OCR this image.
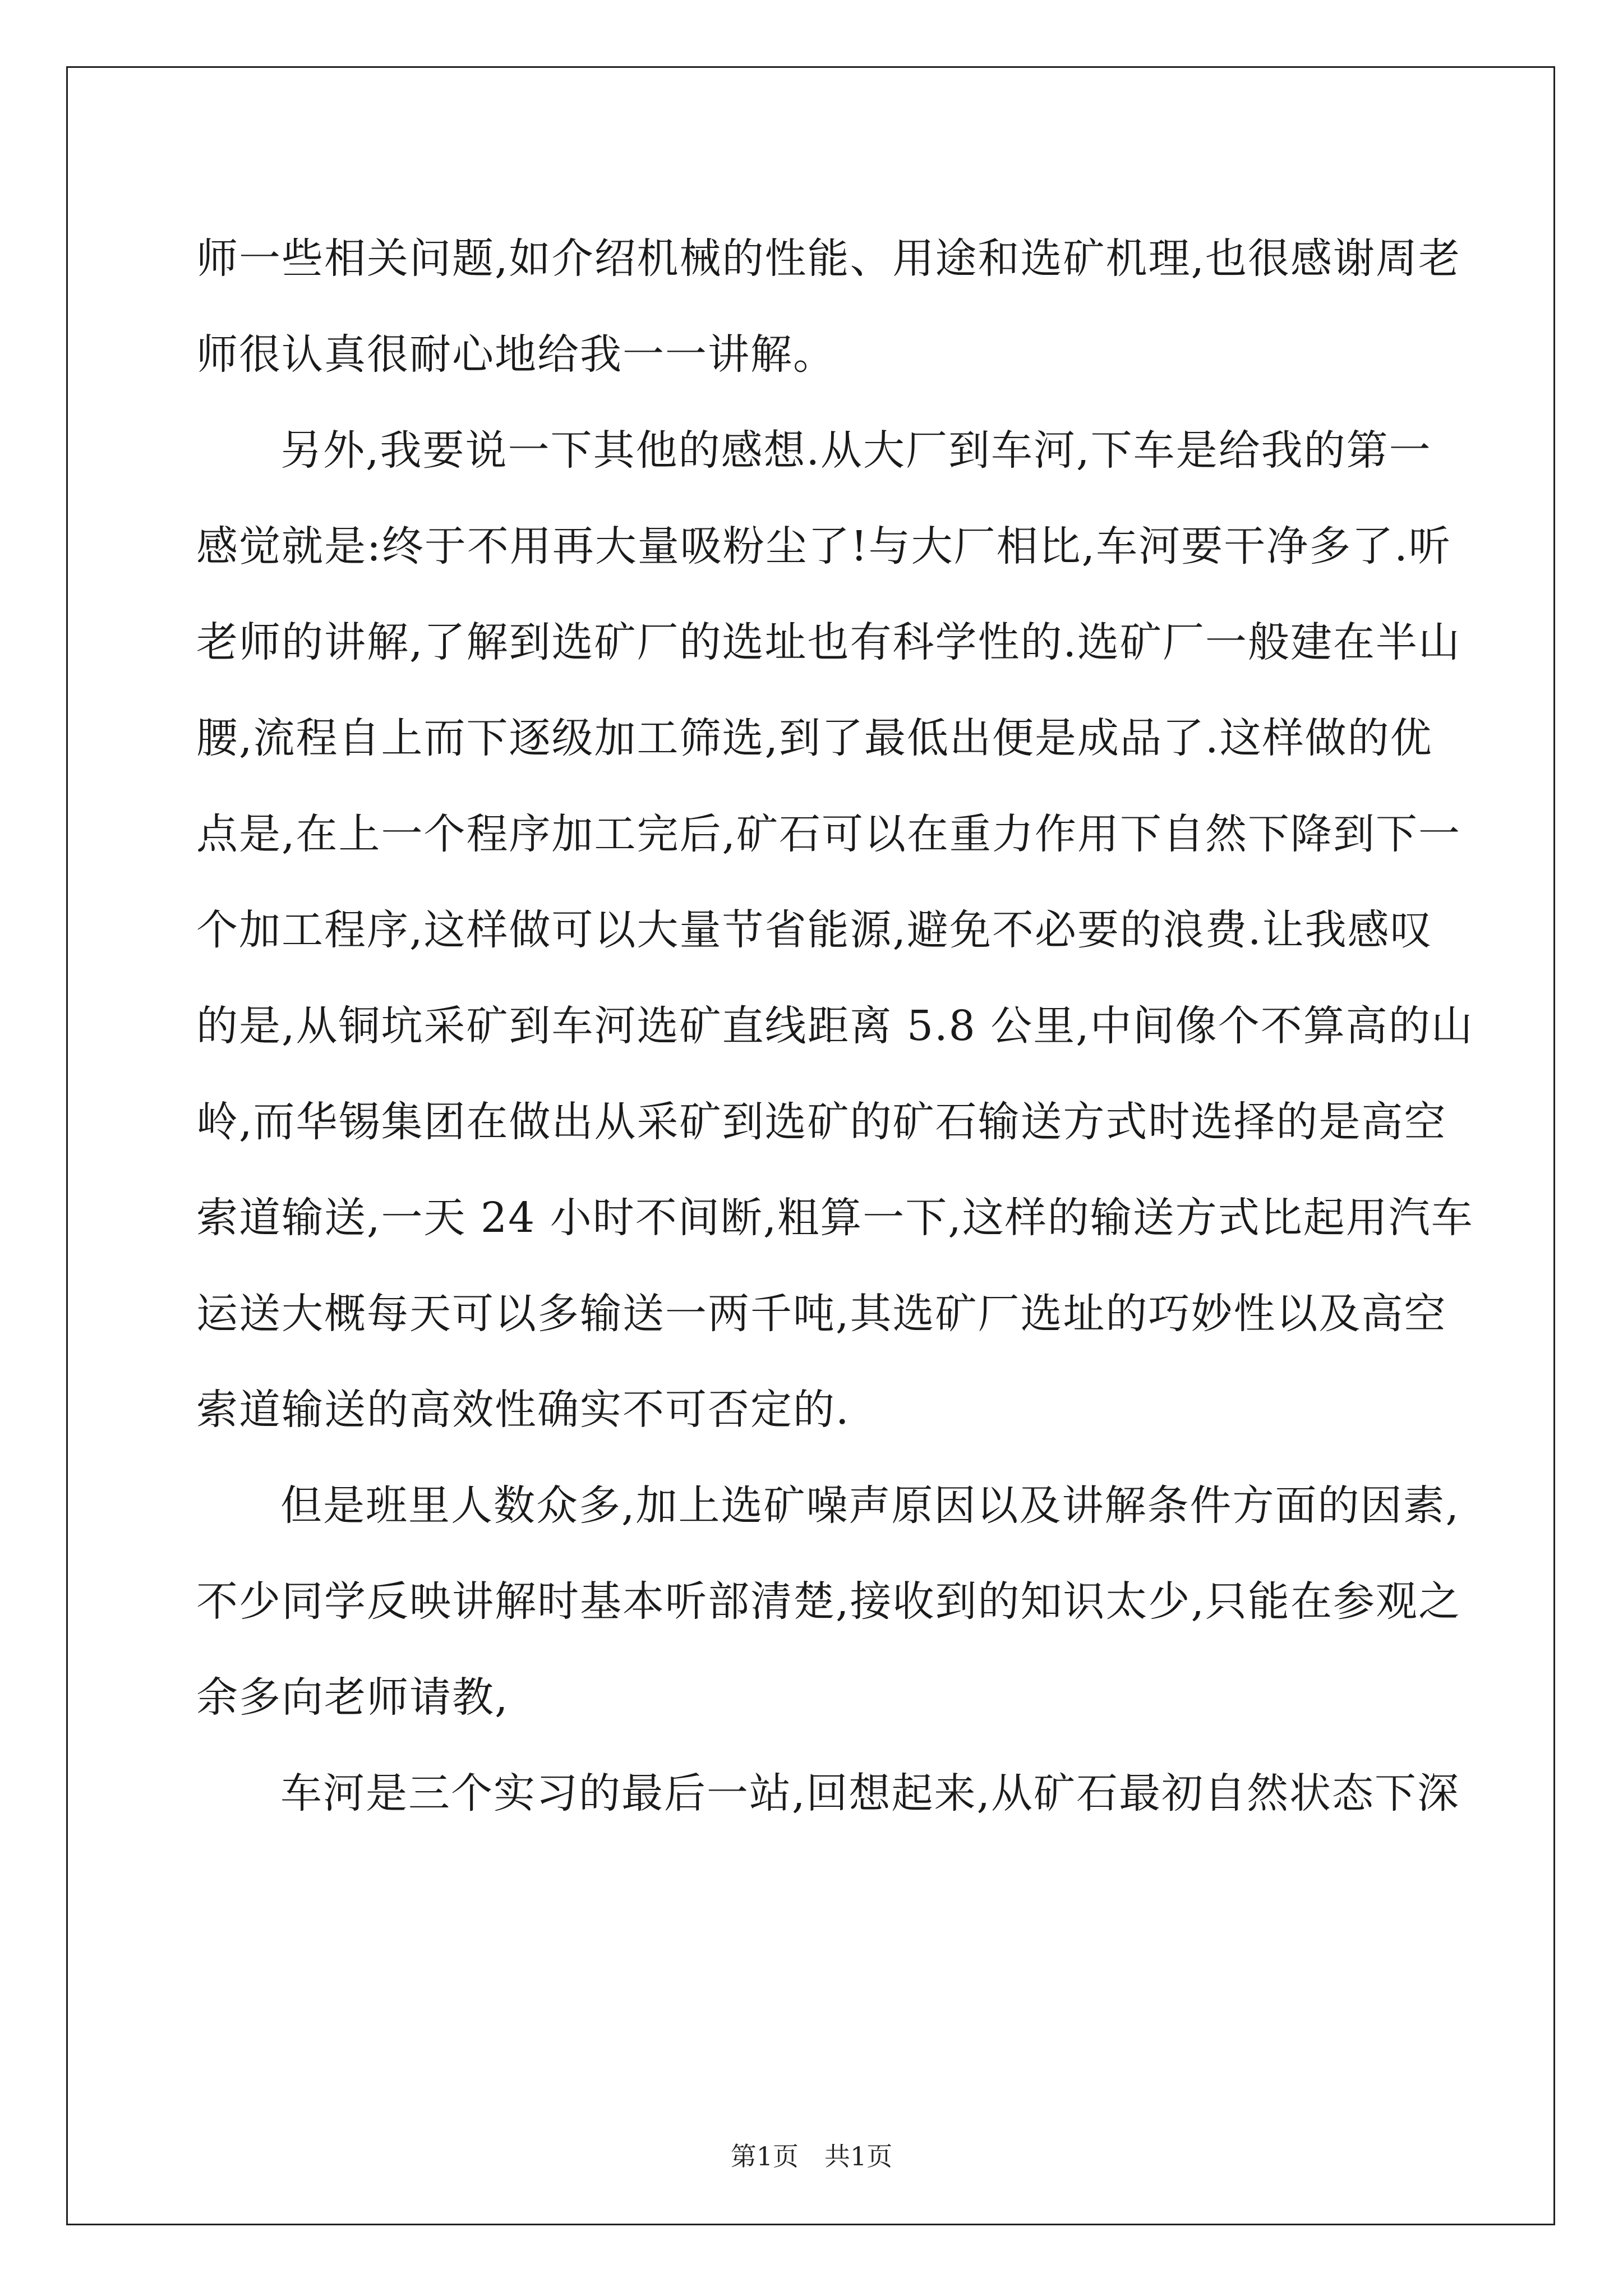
师一些相关问题,如介绍机械的性能、用途和选矿机理,也很感谢周老
师很认真很耐心地给我一一讲解。
另外,我要说一下其他的感想.从大厂到车河,下车是给我的第一
感觉就是:终于不用再大量吸粉尘了!与大厂相比,车河要干净多了.听
老师的讲解,了解到选矿厂的选址也有科学性的.选矿厂一般建在半山
腰,流程自上而下逐级加工筛选,到了最低出便是成品了.这样做的优
点是,在上一个程序加工完后,矿石可以在重力作用下自然下降到下一
个加工程序,这样做可以大量节省能源,避免不必要的浪费.让我感叹
的是,从铜坑采矿到车河选矿直线距离 5.8 公里,中间像个不算高的山
岭,而华锡集团在做出从采矿到选矿的矿石输送方式时选择的是高空
索道输送,一天 24 小时不间断,粗算一下,这样的输送方式比起用汽车
运送大概每天可以多输送一两千吨,其选矿厂选址的巧妙性以及高空
索道输送的高效性确实不可否定的.
但是班里人数众多,加上选矿噪声原因以及讲解条件方面的因素,
不少同学反映讲解时基本听部清楚,接收到的知识太少,只能在参观之
余多向老师请教,
车河是三个实习的最后一站,回想起来,从矿石最初自然状态下深
第1页　共1页
